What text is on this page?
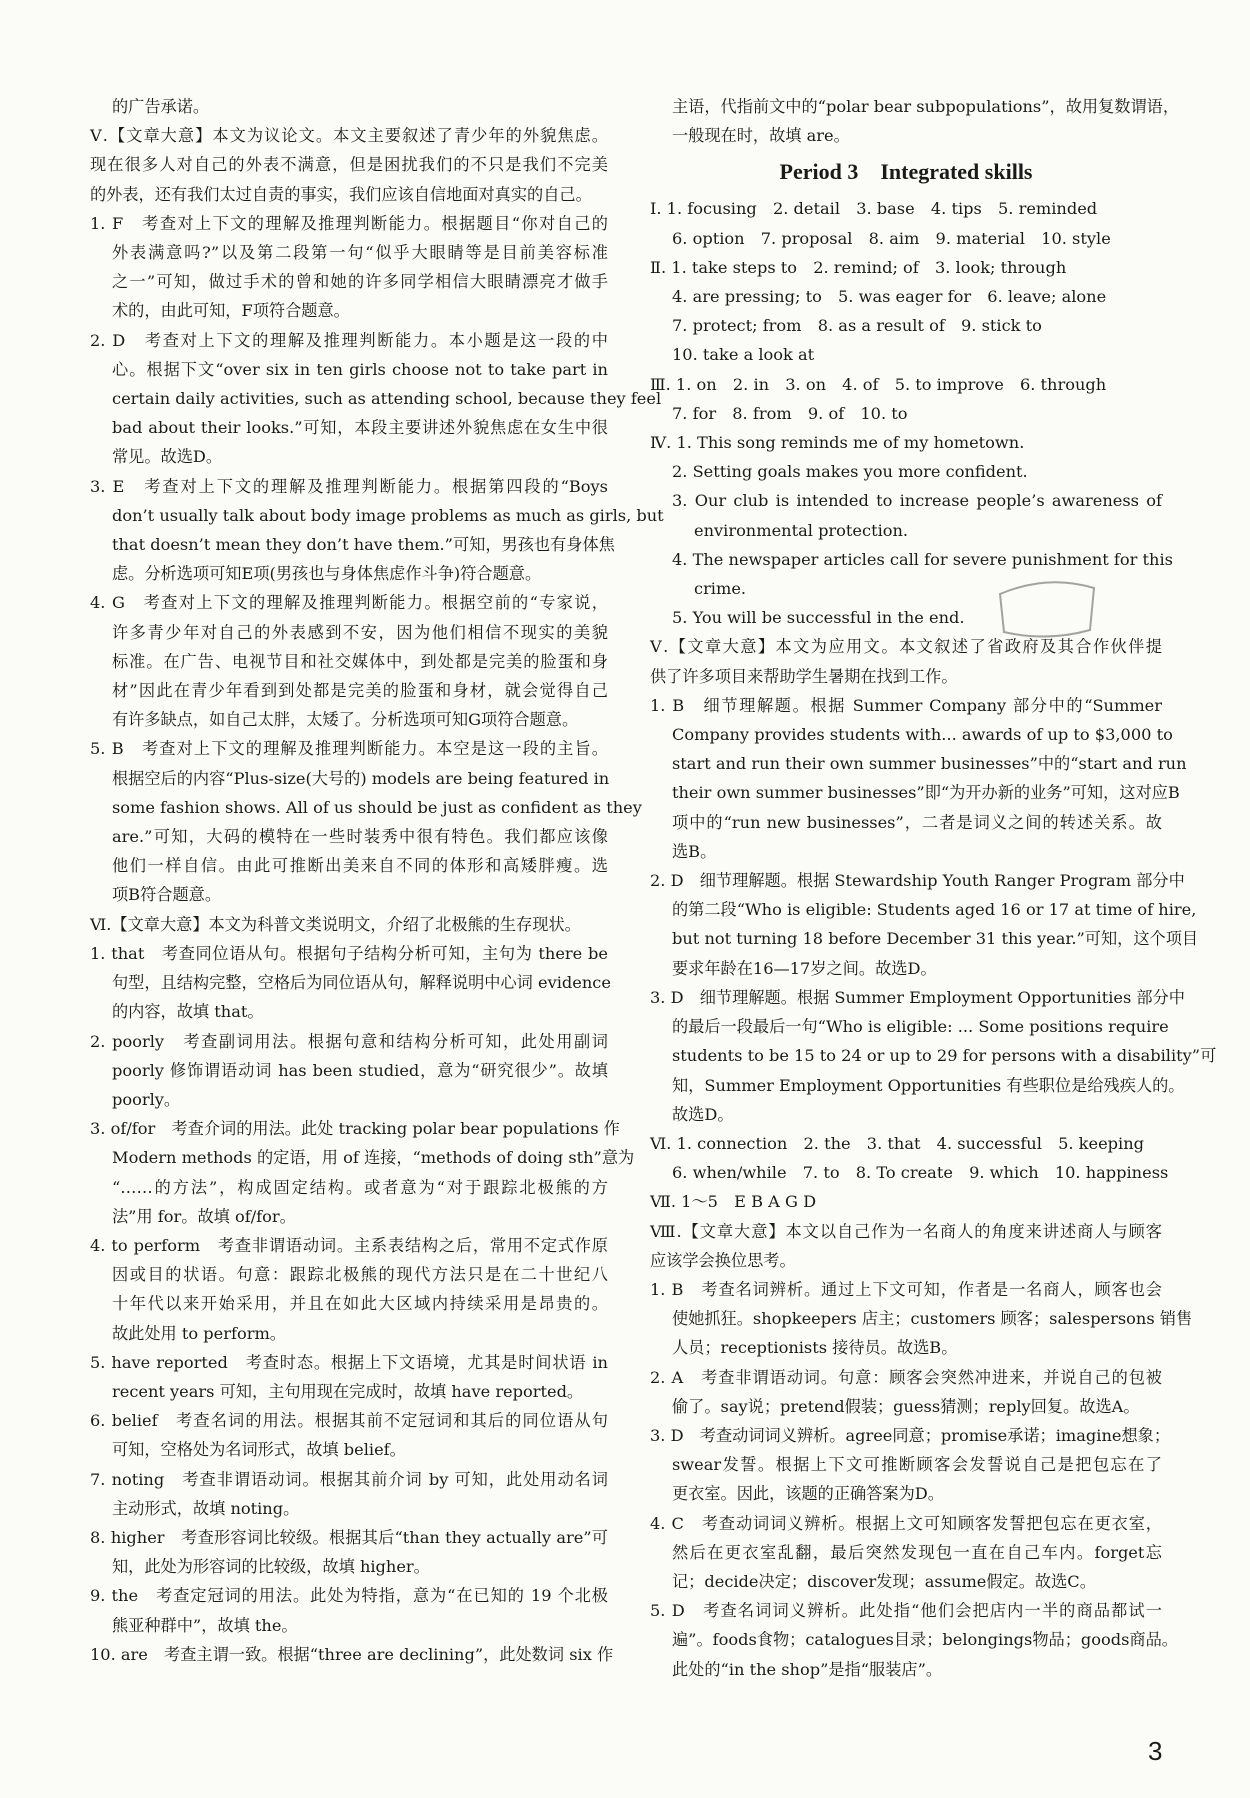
的广告承诺。
Ⅴ.【文章大意】本文为议论文。本文主要叙述了青少年的外貌焦虑。
现在很多人对自己的外表不满意，但是困扰我们的不只是我们不完美
的外表，还有我们太过自责的事实，我们应该自信地面对真实的自己。
1. F　考查对上下文的理解及推理判断能力。根据题目“你对自己的
外表满意吗?”以及第二段第一句“似乎大眼睛等是目前美容标准
之一”可知，做过手术的曾和她的许多同学相信大眼睛漂亮才做手
术的，由此可知，F项符合题意。
2. D　考查对上下文的理解及推理判断能力。本小题是这一段的中
心。根据下文“over six in ten girls choose not to take part in
certain daily activities, such as attending school, because they feel
bad about their looks.”可知，本段主要讲述外貌焦虑在女生中很
常见。故选D。
3. E　考查对上下文的理解及推理判断能力。根据第四段的“Boys
don’t usually talk about body image problems as much as girls, but
that doesn’t mean they don’t have them.”可知，男孩也有身体焦
虑。分析选项可知E项(男孩也与身体焦虑作斗争)符合题意。
4. G　考查对上下文的理解及推理判断能力。根据空前的“专家说，
许多青少年对自己的外表感到不安，因为他们相信不现实的美貌
标准。在广告、电视节目和社交媒体中，到处都是完美的脸蛋和身
材”因此在青少年看到到处都是完美的脸蛋和身材，就会觉得自己
有许多缺点，如自己太胖，太矮了。分析选项可知G项符合题意。
5. B　考查对上下文的理解及推理判断能力。本空是这一段的主旨。
根据空后的内容“Plus-size(大号的) models are being featured in
some fashion shows. All of us should be just as confident as they
are.”可知，大码的模特在一些时装秀中很有特色。我们都应该像
他们一样自信。由此可推断出美来自不同的体形和高矮胖瘦。选
项B符合题意。
Ⅵ.【文章大意】本文为科普文类说明文，介绍了北极熊的生存现状。
1. that　考查同位语从句。根据句子结构分析可知，主句为 there be
句型，且结构完整，空格后为同位语从句，解释说明中心词 evidence
的内容，故填 that。
2. poorly　考查副词用法。根据句意和结构分析可知，此处用副词
poorly 修饰谓语动词 has been studied，意为“研究很少”。故填
poorly。
3. of/for　考查介词的用法。此处 tracking polar bear populations 作
Modern methods 的定语，用 of 连接，“methods of doing sth”意为
“……的方法”，构成固定结构。或者意为“对于跟踪北极熊的方
法”用 for。故填 of/for。
4. to perform　考查非谓语动词。主系表结构之后，常用不定式作原
因或目的状语。句意：跟踪北极熊的现代方法只是在二十世纪八
十年代以来开始采用，并且在如此大区域内持续采用是昂贵的。
故此处用 to perform。
5. have reported　考查时态。根据上下文语境，尤其是时间状语 in
recent years 可知，主句用现在完成时，故填 have reported。
6. belief　考查名词的用法。根据其前不定冠词和其后的同位语从句
可知，空格处为名词形式，故填 belief。
7. noting　考查非谓语动词。根据其前介词 by 可知，此处用动名词
主动形式，故填 noting。
8. higher　考查形容词比较级。根据其后“than they actually are”可
知，此处为形容词的比较级，故填 higher。
9. the　考查定冠词的用法。此处为特指，意为“在已知的 19 个北极
熊亚种群中”，故填 the。
10. are　考查主谓一致。根据“three are declining”，此处数词 six 作
主语，代指前文中的“polar bear subpopulations”，故用复数谓语，
一般现在时，故填 are。
Period 3　Integrated skills
Ⅰ. 1. focusing　2. detail　3. base　4. tips　5. reminded
6. option　7. proposal　8. aim　9. material　10. style
Ⅱ. 1. take steps to　2. remind; of　3. look; through
4. are pressing; to　5. was eager for　6. leave; alone
7. protect; from　8. as a result of　9. stick to
10. take a look at
Ⅲ. 1. on　2. in　3. on　4. of　5. to improve　6. through
7. for　8. from　9. of　10. to
Ⅳ. 1. This song reminds me of my hometown.
2. Setting goals makes you more confident.
3. Our club is intended to increase people’s awareness of
environmental protection.
4. The newspaper articles call for severe punishment for this
crime.
5. You will be successful in the end.
Ⅴ.【文章大意】本文为应用文。本文叙述了省政府及其合作伙伴提
供了许多项目来帮助学生暑期在找到工作。
1. B　细节理解题。根据 Summer Company 部分中的“Summer
Company provides students with... awards of up to $3,000 to
start and run their own summer businesses”中的“start and run
their own summer businesses”即“为开办新的业务”可知，这对应B
项中的“run new businesses”，二者是词义之间的转述关系。故
选B。
2. D　细节理解题。根据 Stewardship Youth Ranger Program 部分中
的第二段“Who is eligible: Students aged 16 or 17 at time of hire,
but not turning 18 before December 31 this year.”可知，这个项目
要求年龄在16—17岁之间。故选D。
3. D　细节理解题。根据 Summer Employment Opportunities 部分中
的最后一段最后一句“Who is eligible: ... Some positions require
students to be 15 to 24 or up to 29 for persons with a disability”可
知，Summer Employment Opportunities 有些职位是给残疾人的。
故选D。
Ⅵ. 1. connection　2. the　3. that　4. successful　5. keeping
6. when/while　7. to　8. To create　9. which　10. happiness
Ⅶ. 1～5　E B A G D
Ⅷ.【文章大意】本文以自己作为一名商人的角度来讲述商人与顾客
应该学会换位思考。
1. B　考查名词辨析。通过上下文可知，作者是一名商人，顾客也会
使她抓狂。shopkeepers 店主；customers 顾客；salespersons 销售
人员；receptionists 接待员。故选B。
2. A　考查非谓语动词。句意：顾客会突然冲进来，并说自己的包被
偷了。say说；pretend假装；guess猜测；reply回复。故选A。
3. D　考查动词词义辨析。agree同意；promise承诺；imagine想象；
swear发誓。根据上下文可推断顾客会发誓说自己是把包忘在了
更衣室。因此，该题的正确答案为D。
4. C　考查动词词义辨析。根据上文可知顾客发誓把包忘在更衣室，
然后在更衣室乱翻，最后突然发现包一直在自己车内。forget忘
记；decide决定；discover发现；assume假定。故选C。
5. D　考查名词词义辨析。此处指“他们会把店内一半的商品都试一
遍”。foods食物；catalogues目录；belongings物品；goods商品。
此处的“in the shop”是指“服装店”。
3
